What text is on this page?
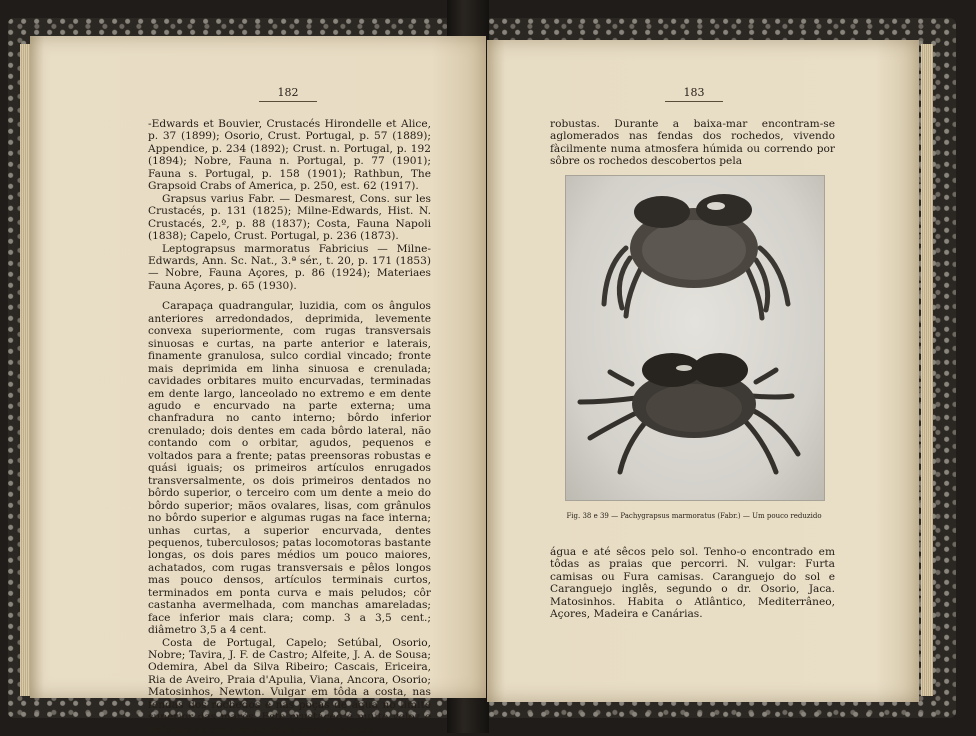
182

-Edwards et Bouvier, Crustacés Hirondelle et Alice, p. 37 (1899); Osorio, Crust. Portugal, p. 57 (1889); Appendice, p. 234 (1892); Crust. n. Portugal, p. 192 (1894); Nobre, Fauna n. Portugal, p. 77 (1901); Fauna s. Portugal, p. 158 (1901); Rathbun, The Grapsoid Crabs of America, p. 250, est. 62 (1917).

Grapsus varius Fabr. — Desmarest, Cons. sur les Crustacés, p. 131 (1825); Milne-Edwards, Hist. N. Crustacés, 2.º, p. 88 (1837); Costa, Fauna Napoli (1838); Capelo, Crust. Portugal, p. 236 (1873).

Leptograpsus marmoratus Fabricius — Milne-Edwards, Ann. Sc. Nat., 3.ª sér., t. 20, p. 171 (1853) — Nobre, Fauna Açores, p. 86 (1924); Materiaes Fauna Açores, p. 65 (1930).

Carapaça quadrangular, luzidia, com os ângulos anteriores arredondados, deprimida, levemente convexa superiormente, com rugas transversais sinuosas e curtas, na parte anterior e laterais, finamente granulosa, sulco cordial vincado; fronte mais deprimida em linha sinuosa e crenulada; cavidades orbitares muito encurvadas, terminadas em dente largo, lanceolado no extremo e em dente agudo e encurvado na parte externa; uma chanfradura no canto interno; bôrdo inferior crenulado; dois dentes em cada bôrdo lateral, não contando com o orbitar, agudos, pequenos e voltados para a frente; patas preensoras robustas e quási iguais; os primeiros artículos enrugados transversalmente, os dois primeiros dentados no bôrdo superior, o terceiro com um dente a meio do bôrdo superior; mãos ovalares, lisas, com grânulos no bôrdo superior e algumas rugas na face interna; unhas curtas, a superior encurvada, dentes pequenos, tuberculosos; patas locomotoras bastante longas, os dois pares médios um pouco maiores, achatados, com rugas transversais e pêlos longos mas pouco densos, artículos terminais curtos, terminados em ponta curva e mais peludos; côr castanha avermelhada, com manchas amareladas; face inferior mais clara; comp. 3 a 3,5 cent.; diâmetro 3,5 a 4 cent.

Costa de Portugal, Capelo; Setúbal, Osorio, Nobre; Tavira, J. F. de Castro; Alfeite, J. A. de Sousa; Odemira, Abel da Silva Ribeiro; Cascais, Ericeira, Ria de Aveiro, Praia d'Apulia, Viana, Ancora, Osorio; Matosinhos, Newton. Vulgar em tôda a costa, nas fendas dos rochedos e nas poças de água no limite superior das marés. Este crustáceo é muito veloz e defende-se com tenacidade com as pinças

183

robustas. Durante a baixa-mar encontram-se aglomerados nas fendas dos rochedos, vivendo fàcilmente numa atmosfera húmida ou correndo por sôbre os rochedos descobertos pela

Fig. 38 e 39 — Pachygrapsus marmoratus (Fabr.) — Um pouco reduzido

água e até sêcos pelo sol. Tenho-o encontrado em tôdas as praias que percorri. N. vulgar: Furta camisas ou Fura camisas. Caranguejo do sol e Caranguejo inglês, segundo o dr. Osorio, Jaca. Matosinhos. Habita o Atlântico, Mediterrâneo, Açores, Madeira e Canárias.
